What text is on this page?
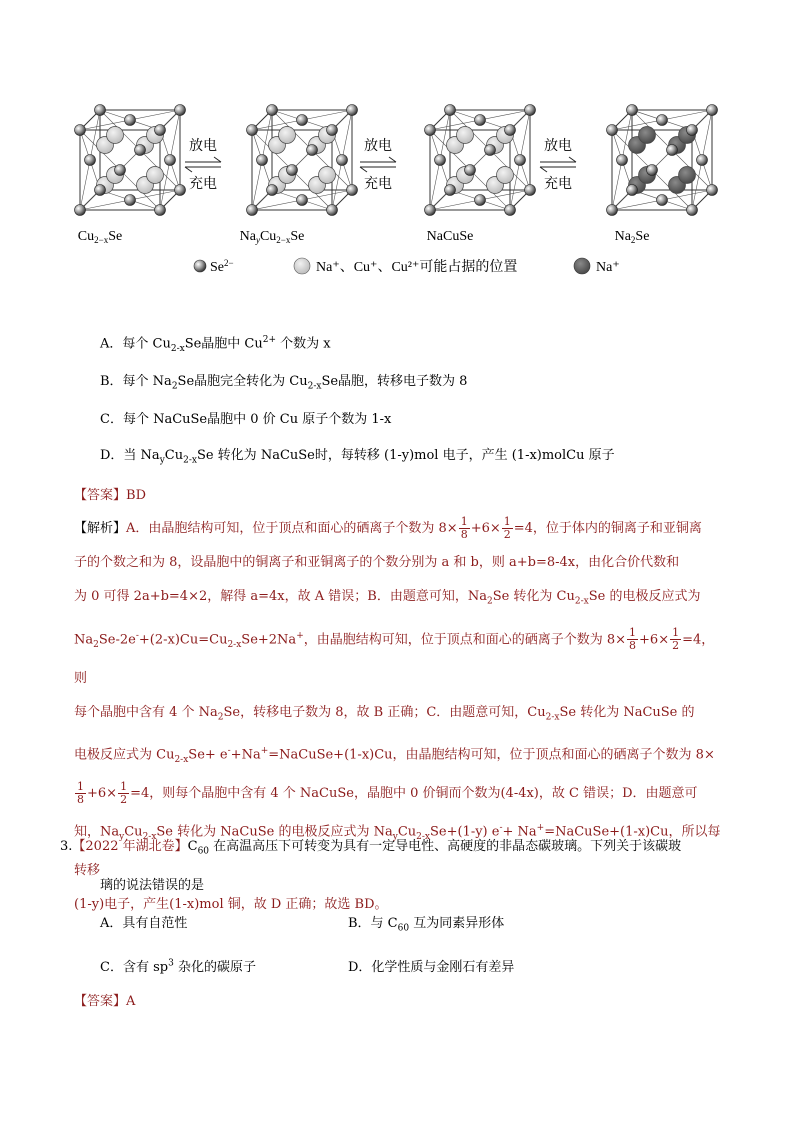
放电
充电
放电
充电
放电
充电
$Cu_{2-x}Se$	$Na_yCu_{2-x}Se$	NaCuSe	$Na_2Se$
$Se^{2-}$	Na⁺、Cu⁺、Cu²⁺可能占据的位置	Na⁺
A．每个 $Cu_{2-x}Se$晶胞中 $Cu^{2+}$ 个数为 x
B．每个 $Na_2Se$晶胞完全转化为 $Cu_{2-x}Se$晶胞，转移电子数为 8
C．每个 NaCuSe晶胞中 0 价 Cu 原子个数为 1-x
D．当 $Na_yCu_{2-x}Se$ 转化为 NaCuSe时，每转移 (1-y)mol 电子，产生 (1-x)molCu 原子
【答案】BD
【解析】A．由晶胞结构可知，位于顶点和面心的硒离子个数为 $8\times \frac{1}{8} +6\times \frac{1}{2} =4$，位于体内的铜离子和亚铜离
子的个数之和为 8，设晶胞中的铜离子和亚铜离子的个数分别为 a 和 b，则 a+b=8-4x，由化合价代数和
为 0 可得 2a+b=4×2，解得 a=4x，故 A 错误；B．由题意可知，$Na_2Se$ 转化为 $Cu_{2-x}Se$ 的电极反应式为
$Na_2Se-2e^-+(2-x)Cu=Cu_{2-x}Se+2Na^+$，由晶胞结构可知，位于顶点和面心的硒离子个数为 $8\times \frac{1}{8} +6\times \frac{1}{2} =4$，则
每个晶胞中含有 4 个 $Na_2Se$，转移电子数为 8，故 B 正确；C．由题意可知，$Cu_{2-x}Se$ 转化为 NaCuSe 的
电极反应式为 $Cu_{2-x}Se+$ e-+Na+=NaCuSe+(1-x)Cu，由晶胞结构可知，位于顶点和面心的硒离子个数为 8×
$\frac{1}{8} +6\times \frac{1}{2} =4$，则每个晶胞中含有 4 个 NaCuSe，晶胞中 0 价铜而个数为(4-4x)，故 C 错误；D．由题意可
知，$Na_yCu_{2-x}Se$ 转化为 NaCuSe 的电极反应式为 $Na_yCu_{2-x}Se+(1-y)$ e-+ Na+=NaCuSe+(1-x)Cu，所以每转移
(1-y)电子，产生(1-x)mol 铜，故 D 正确；故选 BD。
3.【2022 年湖北卷】$C_{60}$ 在高温高压下可转变为具有一定导电性、高硬度的非晶态碳玻璃。下列关于该碳玻
璃的说法错误的是
A．具有自范性	B．与 $C_{60}$ 互为同素异形体
C．含有 $sp^3$ 杂化的碳原子	D．化学性质与金刚石有差异
【答案】A
